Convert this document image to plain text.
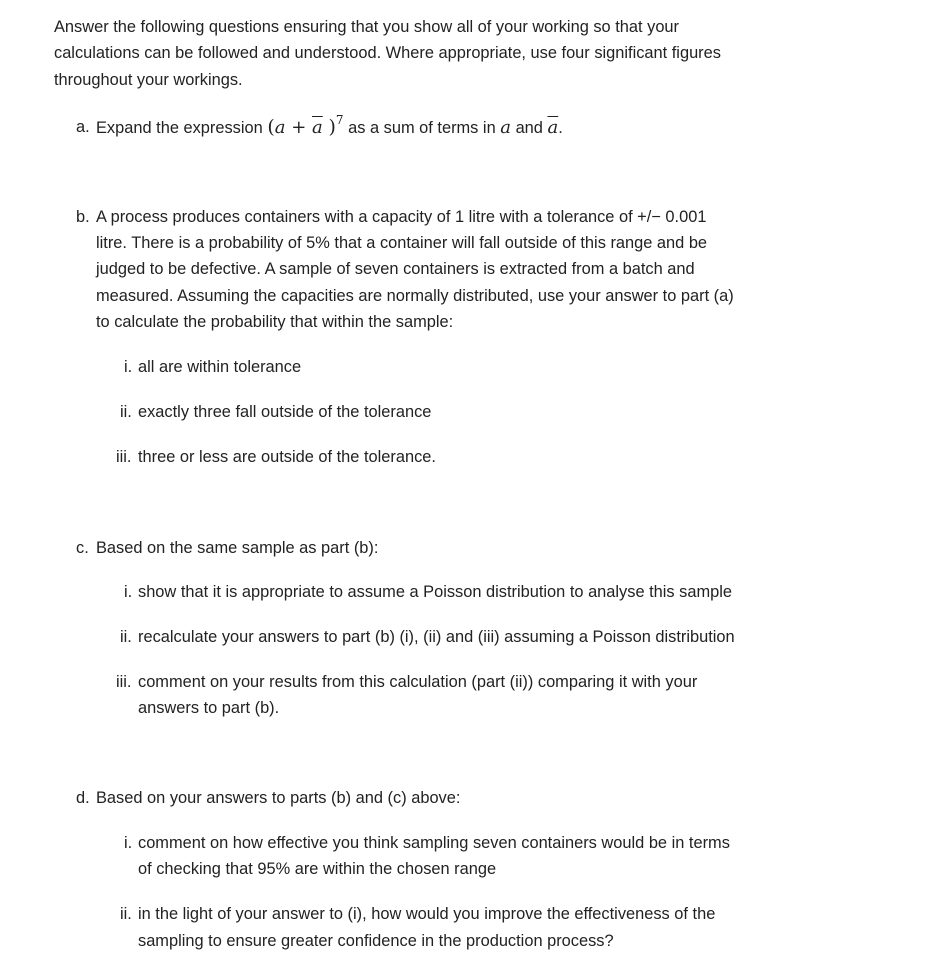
Answer the following questions ensuring that you show all of your working so that your
calculations can be followed and understood. Where appropriate, use four significant figures
throughout your workings.
a. Expand the expression ($a + \overline{a}$ )$^7$ as a sum of terms in a and $\overline{a}$.
b. A process produces containers with a capacity of 1 litre with a tolerance of +/− 0.001
litre. There is a probability of 5% that a container will fall outside of this range and be
judged to be defective. A sample of seven containers is extracted from a batch and
measured. Assuming the capacities are normally distributed, use your answer to part (a)
to calculate the probability that within the sample:
i. all are within tolerance
ii. exactly three fall outside of the tolerance
iii. three or less are outside of the tolerance.
c. Based on the same sample as part (b):
i. show that it is appropriate to assume a Poisson distribution to analyse this sample
ii. recalculate your answers to part (b) (i), (ii) and (iii) assuming a Poisson distribution
iii. comment on your results from this calculation (part (ii)) comparing it with your
answers to part (b).
d. Based on your answers to parts (b) and (c) above:
i. comment on how effective you think sampling seven containers would be in terms
of checking that 95% are within the chosen range
ii. in the light of your answer to (i), how would you improve the effectiveness of the
sampling to ensure greater confidence in the production process?
